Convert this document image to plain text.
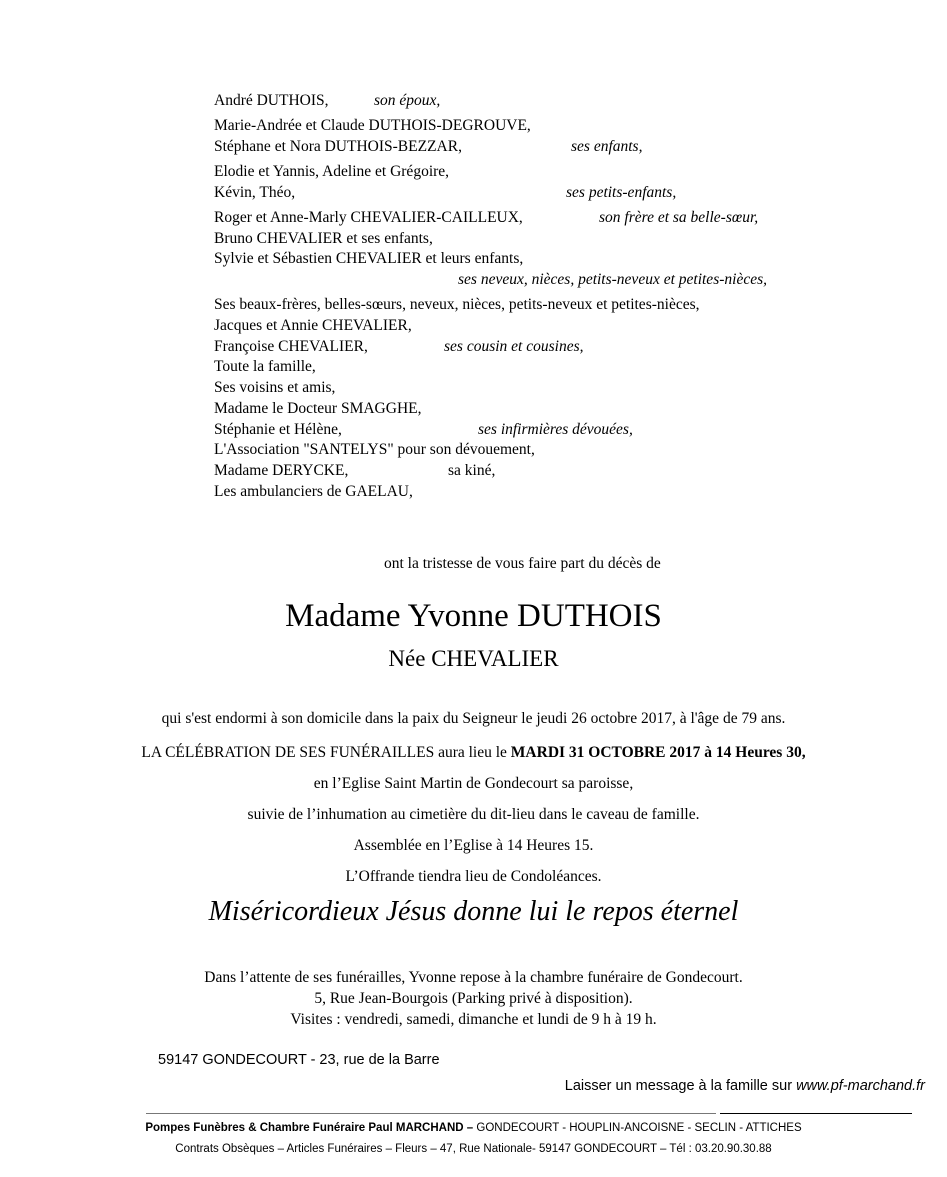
André DUTHOIS,	son époux,
Marie-Andrée et Claude DUTHOIS-DEGROUVE,
Stéphane et Nora DUTHOIS-BEZZAR,	ses enfants,
Elodie et Yannis, Adeline et Grégoire,
Kévin, Théo,	ses petits-enfants,
Roger et Anne-Marly CHEVALIER-CAILLEUX,	son frère et sa belle-sœur,
Bruno CHEVALIER et ses enfants,
Sylvie et Sébastien CHEVALIER et leurs enfants,
ses neveux, nièces, petits-neveux et petites-nièces,
Ses beaux-frères, belles-sœurs, neveux, nièces, petits-neveux et petites-nièces,
Jacques et Annie CHEVALIER,
Françoise CHEVALIER,	ses cousin et cousines,
Toute la famille,
Ses voisins et amis,
Madame le Docteur SMAGGHE,
Stéphanie et Hélène,	ses infirmières dévouées,
L'Association "SANTELYS" pour son dévouement,
Madame DERYCKE,	sa kiné,
Les ambulanciers de GAELAU,
ont la tristesse de vous faire part du décès de
Madame Yvonne DUTHOIS
Née CHEVALIER
qui s'est endormi à son domicile dans la paix du Seigneur le jeudi 26 octobre 2017, à l'âge de 79 ans.
LA CÉLÉBRATION DE SES FUNÉRAILLES aura lieu le MARDI 31 OCTOBRE 2017 à 14 Heures 30,
en l’Eglise Saint Martin de Gondecourt sa paroisse,
suivie de l’inhumation au cimetière du dit-lieu dans le caveau de famille.
Assemblée en l’Eglise à 14 Heures 15.
L’Offrande tiendra lieu de Condoléances.
Miséricordieux Jésus donne lui le repos éternel
Dans l’attente de ses funérailles, Yvonne repose à la chambre funéraire de Gondecourt.
5, Rue Jean-Bourgois (Parking privé à disposition).
Visites : vendredi, samedi, dimanche et lundi de 9 h à 19 h.
59147 GONDECOURT - 23, rue de la Barre
Laisser un message à la famille sur www.pf-marchand.fr
Pompes Funèbres & Chambre Funéraire Paul MARCHAND – GONDECOURT - HOUPLIN-ANCOISNE - SECLIN - ATTICHES
Contrats Obsèques – Articles Funéraires – Fleurs – 47, Rue Nationale- 59147 GONDECOURT – Tél : 03.20.90.30.88
